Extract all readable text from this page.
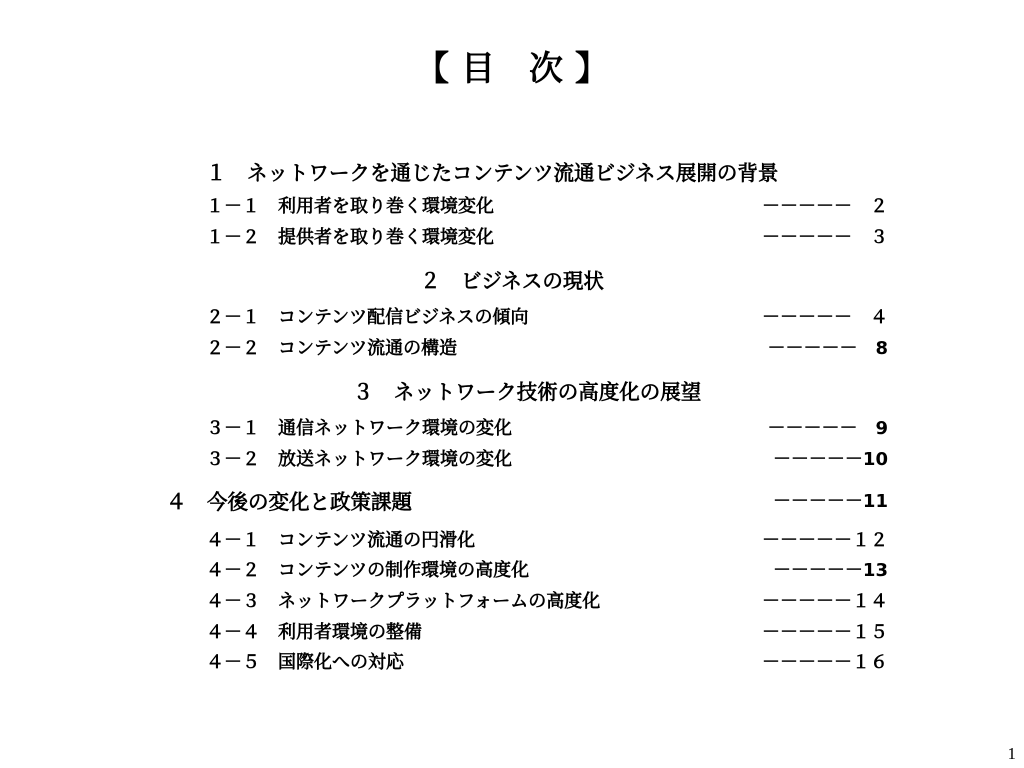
【 目　次 】
１　ネットワークを通じたコンテンツ流通ビジネス展開の背景
１－１　利用者を取り巻く環境変化	－－－－－　２
１－２　提供者を取り巻く環境変化	－－－－－　３
２　ビジネスの現状
２－１　コンテンツ配信ビジネスの傾向	－－－－－　４
２－２　コンテンツ流通の構造	－－－－－　8
３　ネットワーク技術の高度化の展望
３－１　通信ネットワーク環境の変化	－－－－－　9
３－２　放送ネットワーク環境の変化	－－－－－10
４　今後の変化と政策課題	－－－－－11
４－１　コンテンツ流通の円滑化	－－－－－１２
４－２　コンテンツの制作環境の高度化	－－－－－13
４－３　ネットワークプラットフォームの高度化	－－－－－１４
４－４　利用者環境の整備	－－－－－１５
４－５　国際化への対応	－－－－－１６
1
